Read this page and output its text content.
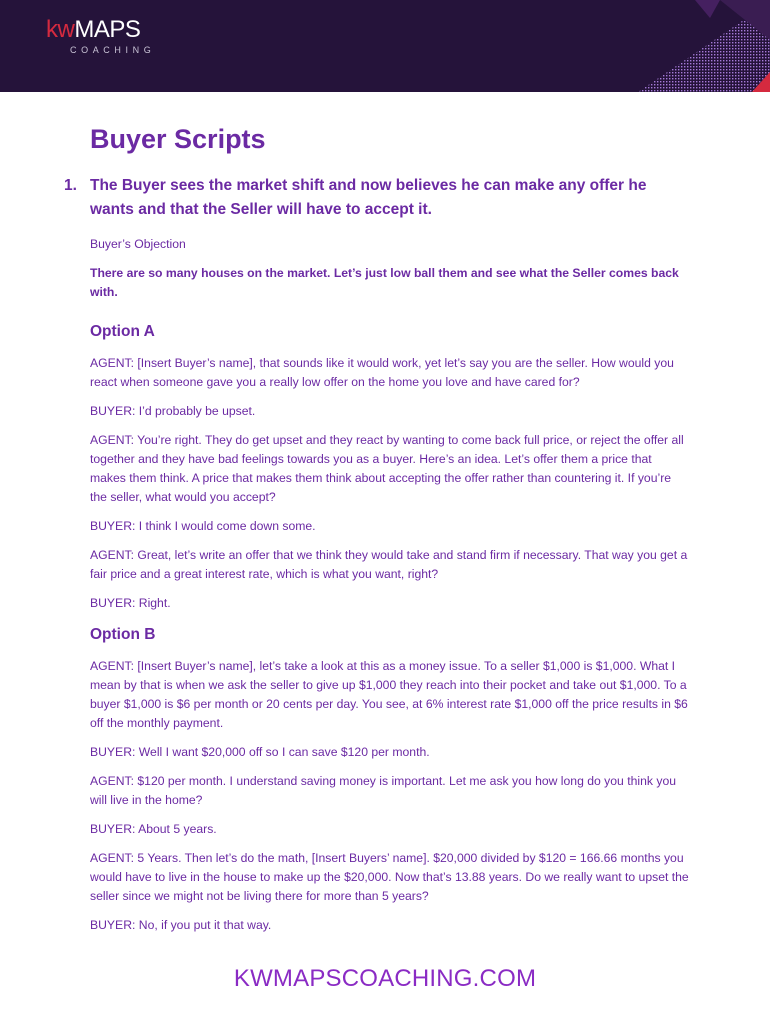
kwMAPS
COACHING
Buyer Scripts
1. The Buyer sees the market shift and now believes he can make any offer he wants and that the Seller will have to accept it.

Buyer’s Objection

There are so many houses on the market. Let’s just low ball them and see what the Seller comes back with.

Option A

AGENT: [Insert Buyer’s name], that sounds like it would work, yet let’s say you are the seller. How would you react when someone gave you a really low offer on the home you love and have cared for?

BUYER: I’d probably be upset.

AGENT: You’re right. They do get upset and they react by wanting to come back full price, or reject the offer all together and they have bad feelings towards you as a buyer. Here’s an idea. Let’s offer them a price that makes them think. A price that makes them think about accepting the offer rather than countering it. If you’re the seller, what would you accept?

BUYER: I think I would come down some.

AGENT: Great, let’s write an offer that we think they would take and stand firm if necessary. That way you get a fair price and a great interest rate, which is what you want, right?

BUYER: Right.

Option B

AGENT: [Insert Buyer’s name], let’s take a look at this as a money issue. To a seller $1,000 is $1,000. What I mean by that is when we ask the seller to give up $1,000 they reach into their pocket and take out $1,000. To a buyer $1,000 is $6 per month or 20 cents per day. You see, at 6% interest rate $1,000 off the price results in $6 off the monthly payment.

BUYER: Well I want $20,000 off so I can save $120 per month.

AGENT: $120 per month. I understand saving money is important. Let me ask you how long do you think you will live in the home?

BUYER: About 5 years.

AGENT: 5 Years. Then let’s do the math, [Insert Buyers’ name]. $20,000 divided by $120 = 166.66 months you would have to live in the house to make up the $20,000. Now that’s 13.88 years. Do we really want to upset the seller since we might not be living there for more than 5 years?

BUYER: No, if you put it that way.

KWMAPSCOACHING.COM
